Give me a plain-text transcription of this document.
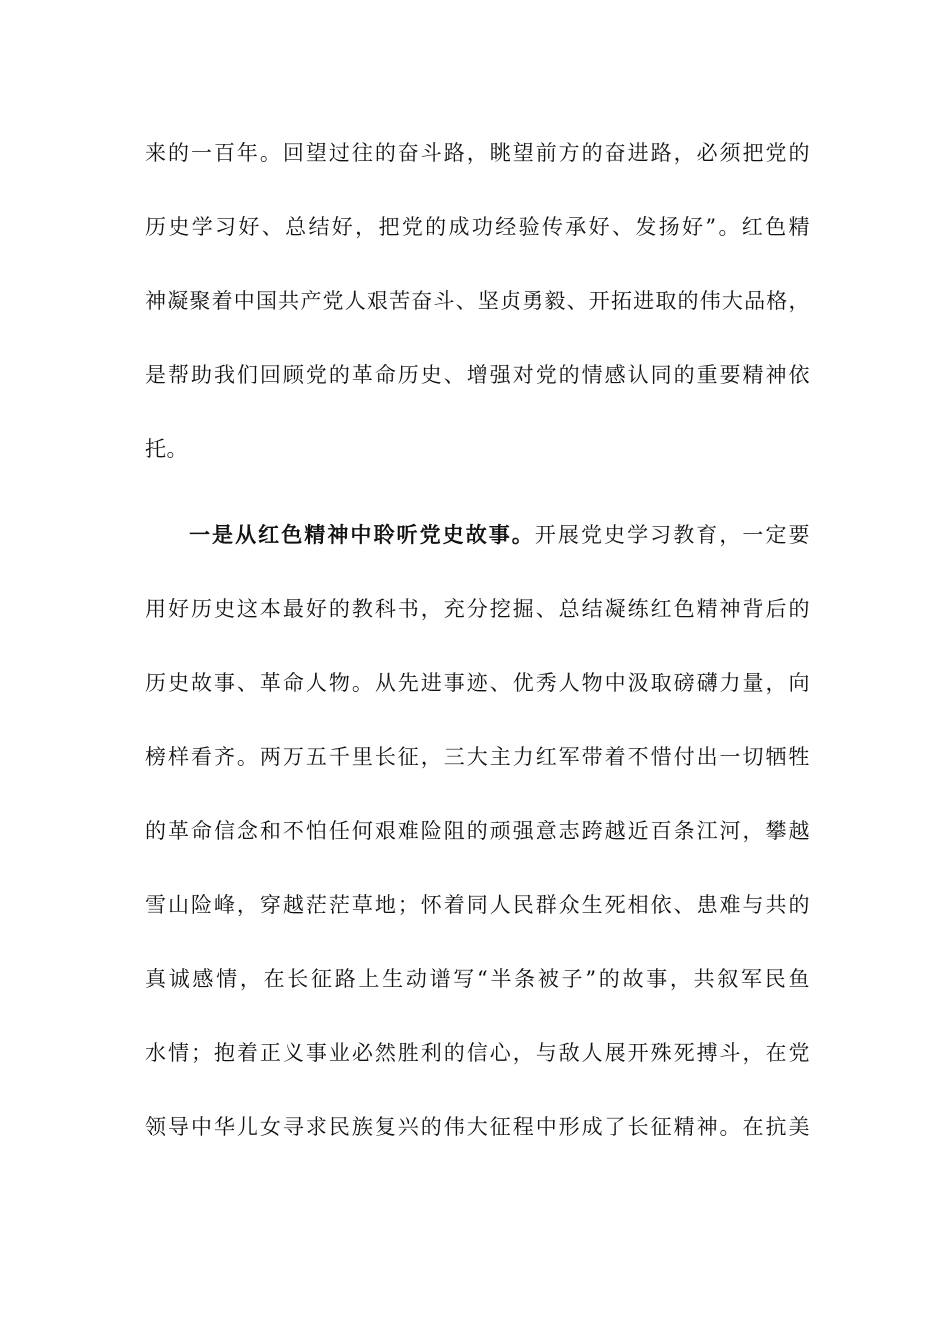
来的一百年。回望过往的奋斗路，眺望前方的奋进路，必须把党的
历史学习好、总结好，把党的成功经验传承好、发扬好”。红色精
神凝聚着中国共产党人艰苦奋斗、坚贞勇毅、开拓进取的伟大品格，
是帮助我们回顾党的革命历史、增强对党的情感认同的重要精神依
托。
一是从红色精神中聆听党史故事。开展党史学习教育，一定要
用好历史这本最好的教科书，充分挖掘、总结凝练红色精神背后的
历史故事、革命人物。从先进事迹、优秀人物中汲取磅礴力量，向
榜样看齐。两万五千里长征，三大主力红军带着不惜付出一切牺牲
的革命信念和不怕任何艰难险阻的顽强意志跨越近百条江河，攀越
雪山险峰，穿越茫茫草地；怀着同人民群众生死相依、患难与共的
真诚感情，在长征路上生动谱写“半条被子”的故事，共叙军民鱼
水情；抱着正义事业必然胜利的信心，与敌人展开殊死搏斗，在党
领导中华儿女寻求民族复兴的伟大征程中形成了长征精神。在抗美
